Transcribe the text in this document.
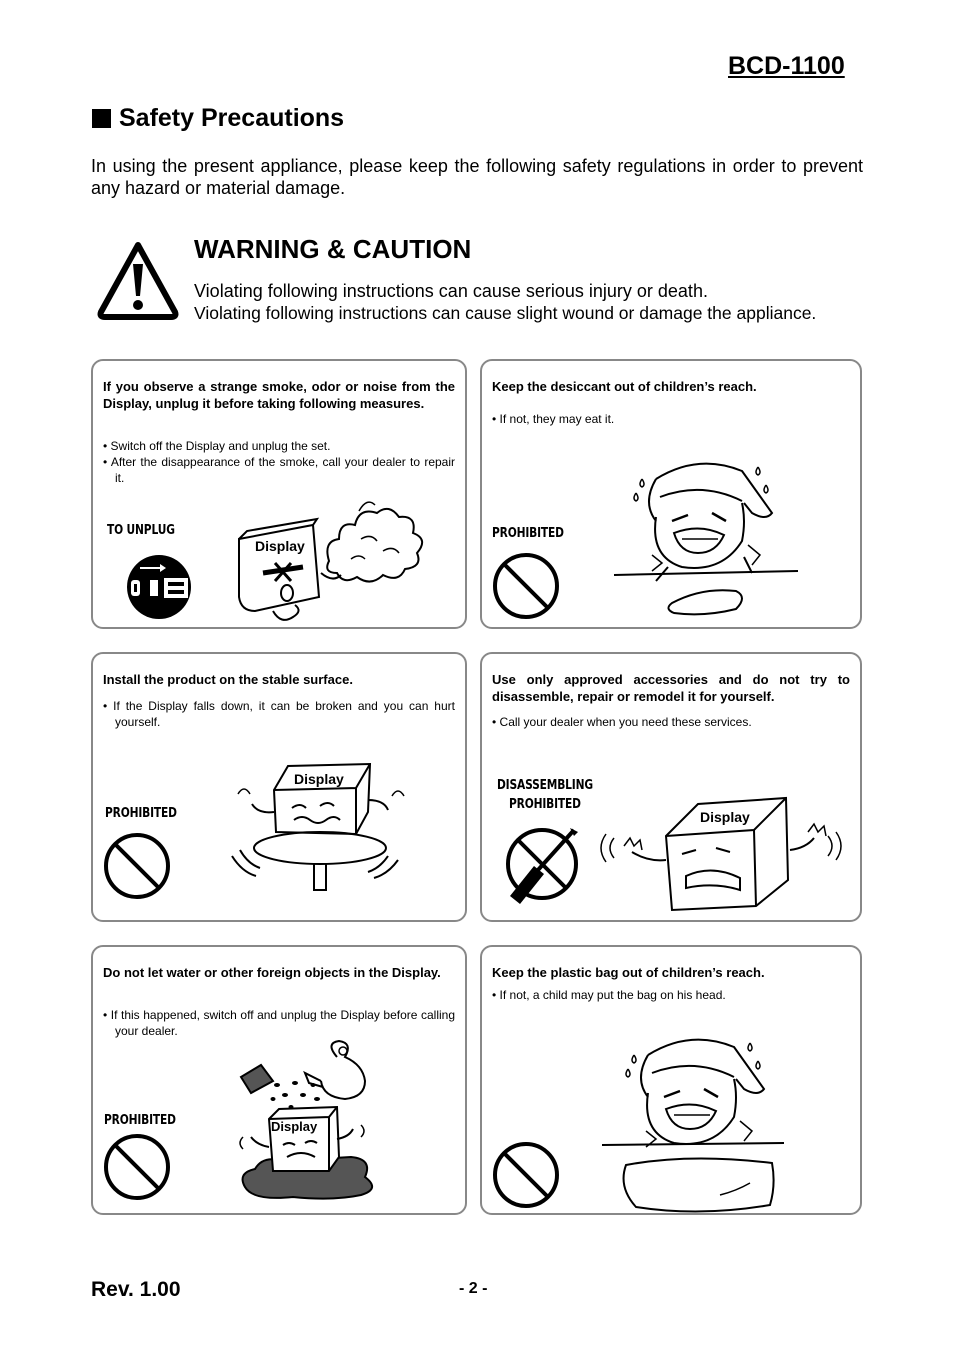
BCD-1100
Safety Precautions
In using the present appliance, please keep the following safety regulations in order to prevent any hazard or material damage.
WARNING & CAUTION
Violating following instructions can cause serious injury or death.
Violating following instructions can cause slight wound or damage the appliance.
If you observe a strange smoke, odor or noise from the Display, unplug it before taking following measures.
• Switch off the Display and unplug the set.
• After the disappearance of the smoke, call your dealer to repair it.
TO UNPLUG
Display
Keep the desiccant out of children’s reach.
• If not, they may eat it.
PROHIBITED
Install the product on the stable surface.
• If the Display falls down, it can be broken and you can hurt yourself.
PROHIBITED
Display
Use only approved accessories and do not try to disassemble, repair or remodel it for yourself.
• Call your dealer when you need these services.
DISASSEMBLING
PROHIBITED
Display
Do not let water or other foreign objects in the Display.
• If this happened, switch off and unplug the Display before calling your dealer.
PROHIBITED	Display
Keep the plastic bag out of children’s reach.
• If not, a child may put the bag on his head.
Rev. 1.00	- 2 -
